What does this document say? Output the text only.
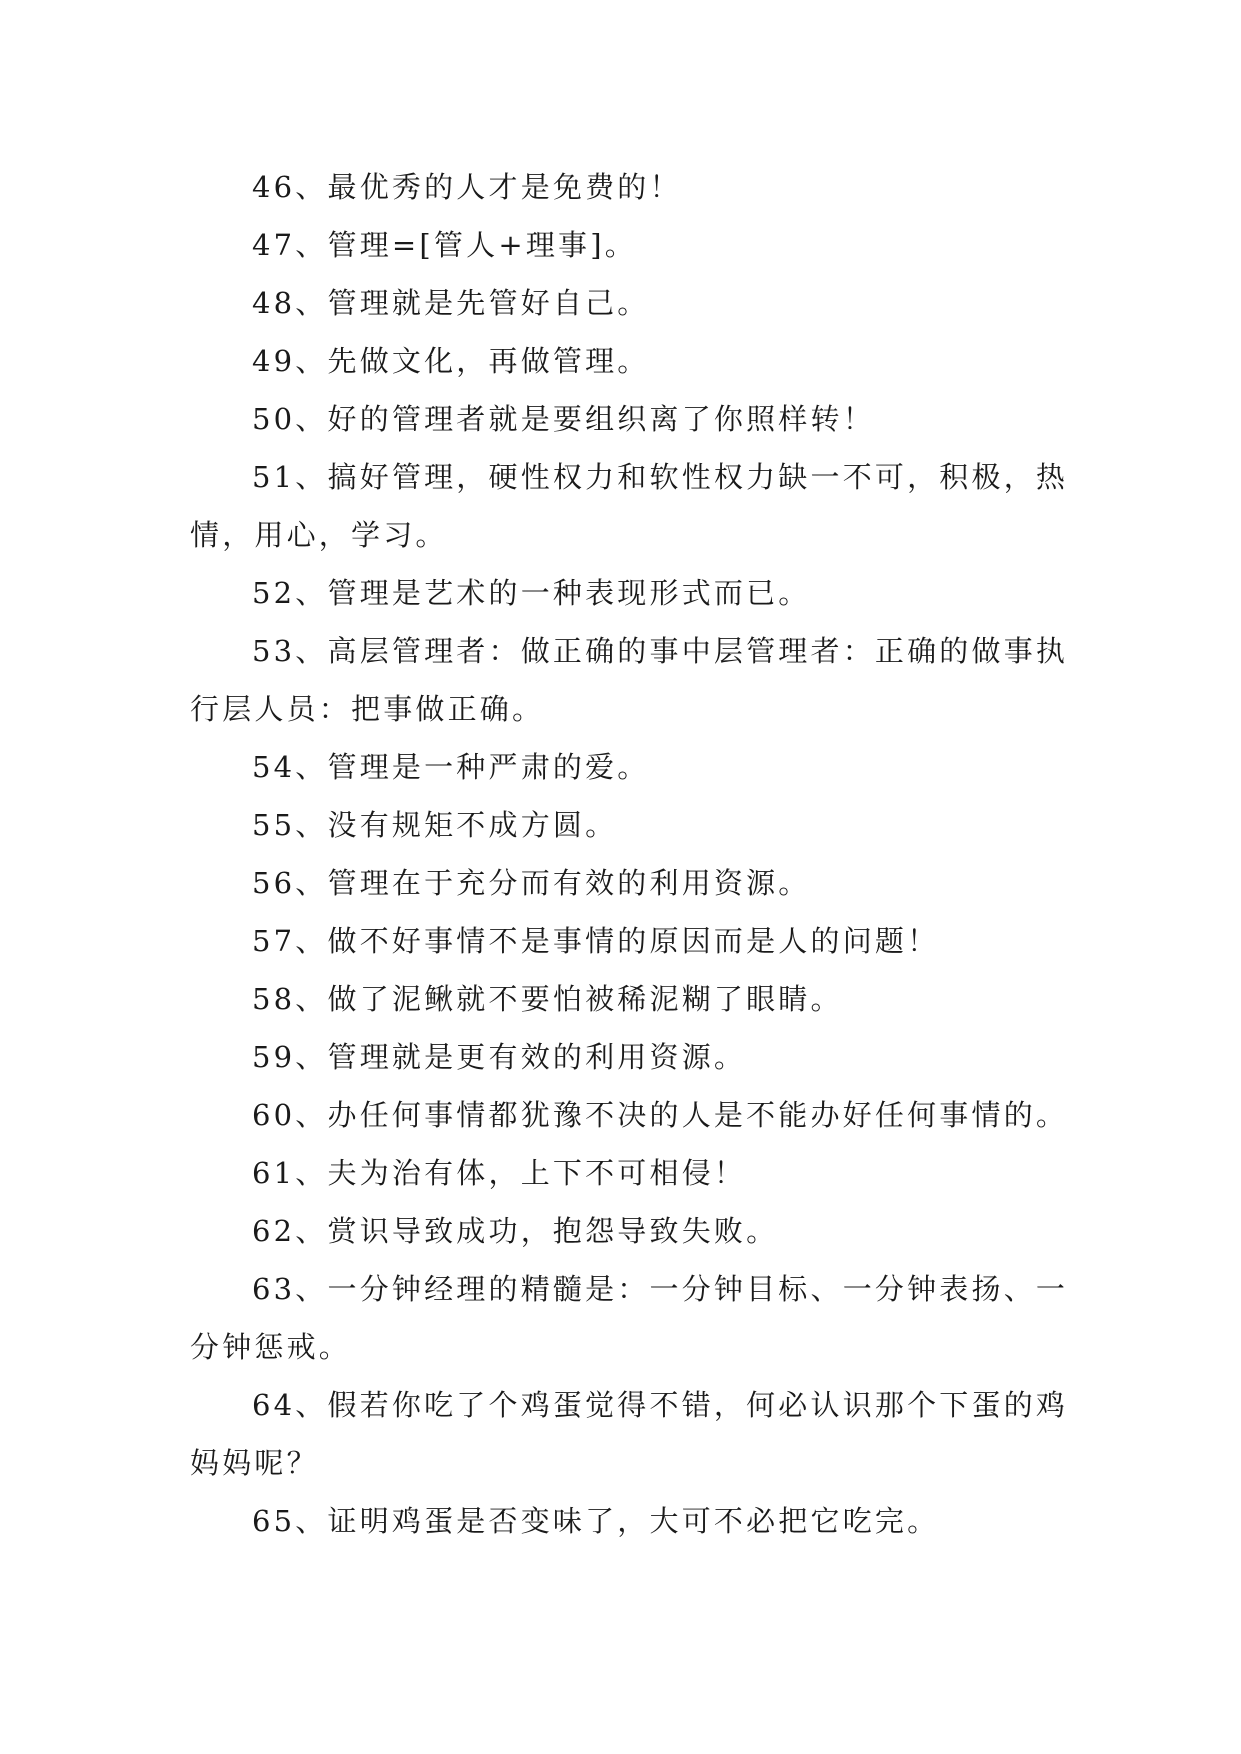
46、最优秀的人才是免费的！

47、管理=[管人+理事]。

48、管理就是先管好自己。

49、先做文化，再做管理。

50、好的管理者就是要组织离了你照样转！

51、搞好管理，硬性权力和软性权力缺一不可，积极，热情，用心，学习。

52、管理是艺术的一种表现形式而已。

53、高层管理者：做正确的事中层管理者：正确的做事执行层人员：把事做正确。

54、管理是一种严肃的爱。

55、没有规矩不成方圆。

56、管理在于充分而有效的利用资源。

57、做不好事情不是事情的原因而是人的问题！

58、做了泥鳅就不要怕被稀泥糊了眼睛。

59、管理就是更有效的利用资源。

60、办任何事情都犹豫不决的人是不能办好任何事情的。

61、夫为治有体，上下不可相侵！

62、赏识导致成功，抱怨导致失败。

63、一分钟经理的精髓是：一分钟目标、一分钟表扬、一分钟惩戒。

64、假若你吃了个鸡蛋觉得不错，何必认识那个下蛋的鸡妈妈呢？

65、证明鸡蛋是否变味了，大可不必把它吃完。
